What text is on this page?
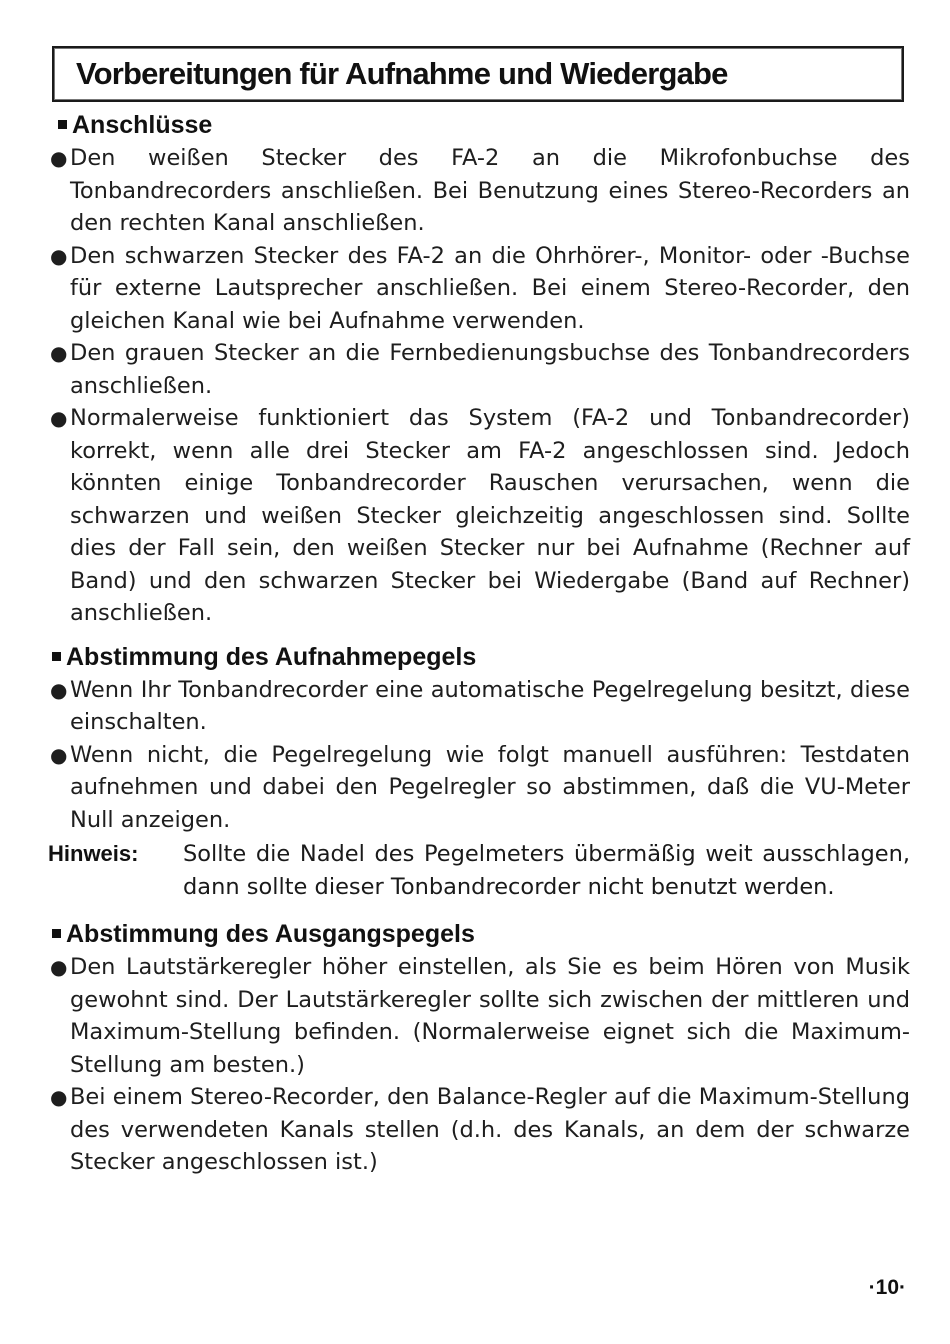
Vorbereitungen für Aufnahme und Wiedergabe
Anschlüsse
● Den weißen Stecker des FA-2 an die Mikrofonbuchse des Tonbandrecorders anschließen. Bei Benutzung eines Stereo-Recorders an den rechten Kanal anschließen.
● Den schwarzen Stecker des FA-2 an die Ohrhörer-, Monitor- oder -Buchse für externe Lautsprecher anschließen. Bei einem Stereo-Recorder, den gleichen Kanal wie bei Aufnahme verwenden.
● Den grauen Stecker an die Fernbedienungsbuchse des Tonbandrecorders anschließen.
● Normalerweise funktioniert das System (FA-2 und Tonbandrecorder) korrekt, wenn alle drei Stecker am FA-2 angeschlossen sind. Jedoch könnten einige Tonbandrecorder Rauschen verursachen, wenn die schwarzen und weißen Stecker gleichzeitig angeschlossen sind. Sollte dies der Fall sein, den weißen Stecker nur bei Aufnahme (Rechner auf Band) und den schwarzen Stecker bei Wiedergabe (Band auf Rechner) anschließen.
Abstimmung des Aufnahmepegels
● Wenn Ihr Tonbandrecorder eine automatische Pegelregelung besitzt, diese einschalten.
● Wenn nicht, die Pegelregelung wie folgt manuell ausführen: Testdaten aufnehmen und dabei den Pegelregler so abstimmen, daß die VU-Meter Null anzeigen.
Hinweis:	Sollte die Nadel des Pegelmeters übermäßig weit ausschlagen, dann sollte dieser Tonbandrecorder nicht benutzt werden.
Abstimmung des Ausgangspegels
● Den Lautstärkeregler höher einstellen, als Sie es beim Hören von Musik gewohnt sind. Der Lautstärkeregler sollte sich zwischen der mittleren und Maximum-Stellung befinden. (Normalerweise eignet sich die Maximum-Stellung am besten.)
● Bei einem Stereo-Recorder, den Balance-Regler auf die Maximum-Stellung des verwendeten Kanals stellen (d.h. des Kanals, an dem der schwarze Stecker angeschlossen ist.)
·10·
